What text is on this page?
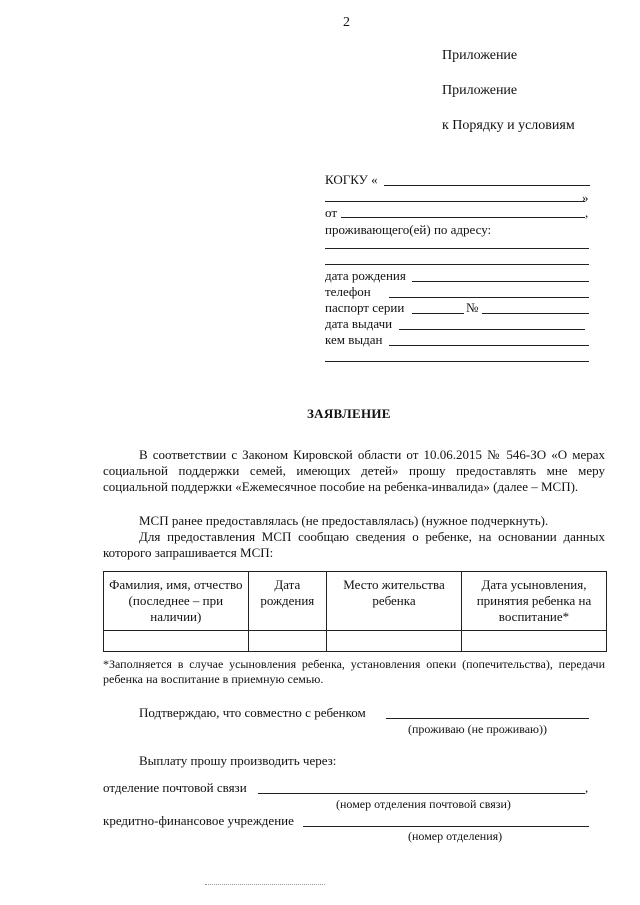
2
Приложение
Приложение
к Порядку и условиям
КОГКУ «
»
от	,
проживающего(ей) по адресу:
дата рождения
телефон
паспорт серии	№
дата выдачи
кем выдан
ЗАЯВЛЕНИЕ
В соответствии с Законом Кировской области от 10.06.2015 № 546-ЗО «О мерах социальной поддержки семей, имеющих детей» прошу предоставлять мне меру социальной поддержки «Ежемесячное пособие на ребенка-инвалида» (далее – МСП).
МСП ранее предоставлялась (не предоставлялась) (нужное подчеркнуть).
Для предоставления МСП сообщаю сведения о ребенке, на основании данных которого запрашивается МСП:
Фамилия, имя, отчество (последнее – при наличии)	Дата рождения	Место жительства ребенка	Дата усыновления, принятия ребенка на воспитание*

*Заполняется в случае усыновления ребенка, установления опеки (попечительства), передачи ребенка на воспитание в приемную семью.
Подтверждаю, что совместно с ребенком
(проживаю (не проживаю))
Выплату прошу производить через:
отделение почтовой связи	,
(номер отделения почтовой связи)
кредитно-финансовое учреждение
(номер отделения)
